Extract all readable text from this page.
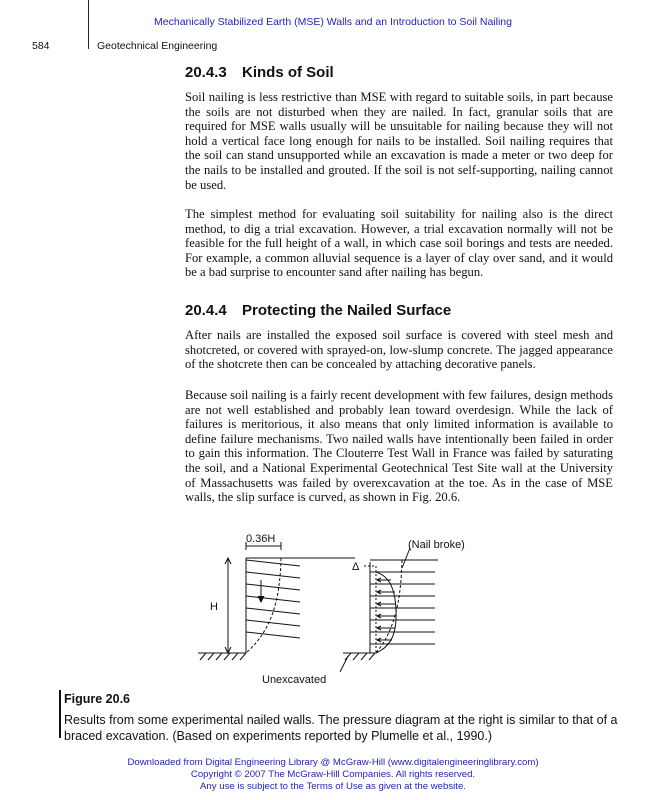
Mechanically Stabilized Earth (MSE) Walls and an Introduction to Soil Nailing
584	Geotechnical Engineering
20.4.3 Kinds of Soil

Soil nailing is less restrictive than MSE with regard to suitable soils, in part because the soils are not disturbed when they are nailed. In fact, granular soils that are required for MSE walls usually will be unsuitable for nailing because they will not hold a vertical face long enough for nails to be installed. Soil nailing requires that the soil can stand unsupported while an excavation is made a meter or two deep for the nails to be installed and grouted. If the soil is not self-supporting, nailing cannot be used.

The simplest method for evaluating soil suitability for nailing also is the direct method, to dig a trial excavation. However, a trial excavation normally will not be feasible for the full height of a wall, in which case soil borings and tests are needed. For example, a common alluvial sequence is a layer of clay over sand, and it would be a bad surprise to encounter sand after nailing has begun.

20.4.4 Protecting the Nailed Surface

After nails are installed the exposed soil surface is covered with steel mesh and shotcreted, or covered with sprayed-on, low-slump concrete. The jagged appearance of the shotcrete then can be concealed by attaching decorative panels.

Because soil nailing is a fairly recent development with few failures, design methods are not well established and probably lean toward overdesign. While the lack of failures is meritorious, it also means that only limited information is available to define failure mechanisms. Two nailed walls have intentionally been failed in order to gain this information. The Clouterre Test Wall in France was failed by saturating the soil, and a National Experimental Geotechnical Test Site wall at the University of Massachusetts was failed by overexcavation at the toe. As in the case of MSE walls, the slip surface is curved, as shown in Fig. 20.6.

0.36H
H
(Nail broke)
Δ
Unexcavated
Figure 20.6

Results from some experimental nailed walls. The pressure diagram at the right is similar to that of a braced excavation. (Based on experiments reported by Plumelle et al., 1990.)

Downloaded from Digital Engineering Library @ McGraw-Hill (www.digitalengineeringlibrary.com)
Copyright © 2007 The McGraw-Hill Companies. All rights reserved.
Any use is subject to the Terms of Use as given at the website.
